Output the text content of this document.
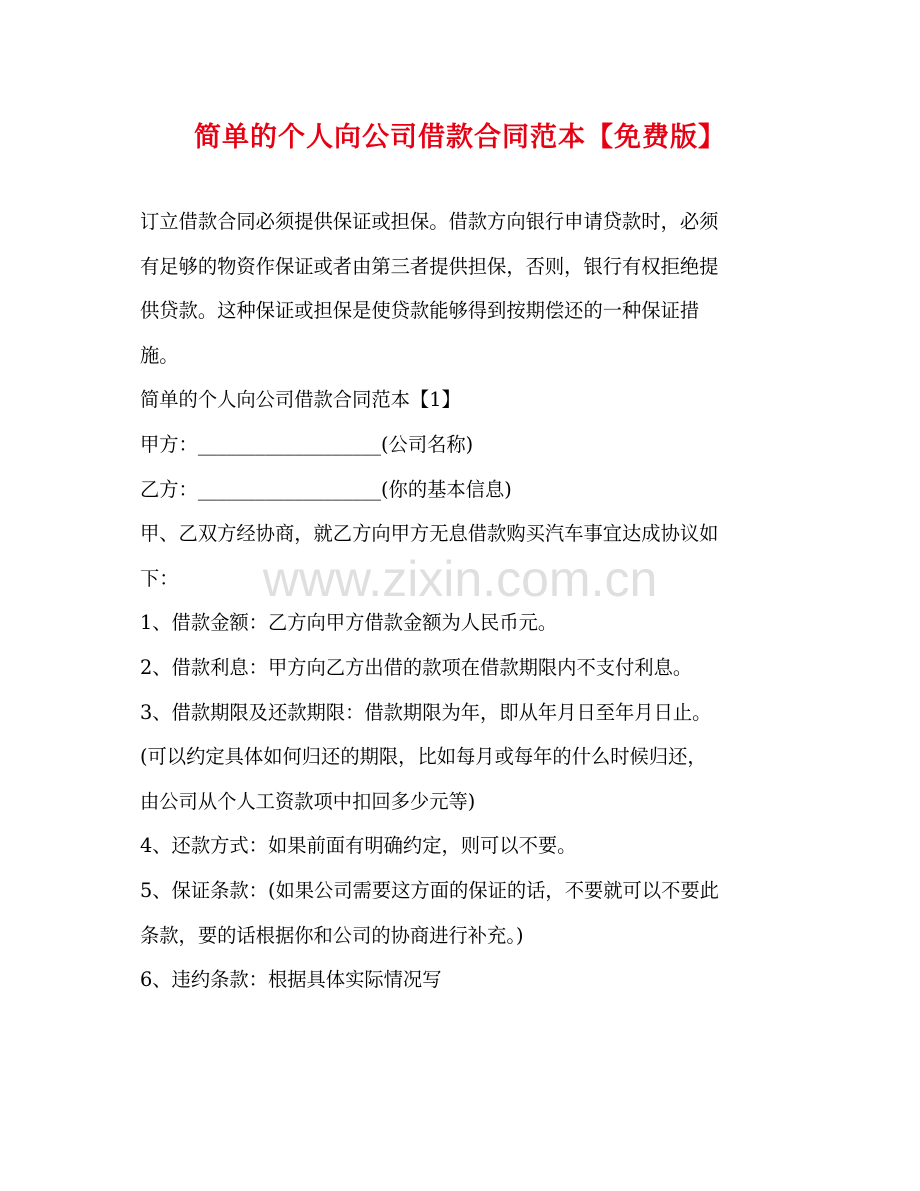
简单的个人向公司借款合同范本【免费版】

订立借款合同必须提供保证或担保。借款方向银行申请贷款时，必须

有足够的物资作保证或者由第三者提供担保，否则，银行有权拒绝提

供贷款。这种保证或担保是使贷款能够得到按期偿还的一种保证措

施。

简单的个人向公司借款合同范本【1】

甲方：___________________(公司名称)

乙方：___________________(你的基本信息)

甲、乙双方经协商，就乙方向甲方无息借款购买汽车事宜达成协议如

下：

1、借款金额：乙方向甲方借款金额为人民币元。

2、借款利息：甲方向乙方出借的款项在借款期限内不支付利息。

3、借款期限及还款期限：借款期限为年，即从年月日至年月日止。

(可以约定具体如何归还的期限，比如每月或每年的什么时候归还，

由公司从个人工资款项中扣回多少元等)

4、还款方式：如果前面有明确约定，则可以不要。

5、保证条款：(如果公司需要这方面的保证的话，不要就可以不要此

条款，要的话根据你和公司的协商进行补充。)

6、违约条款：根据具体实际情况写

www.zixin.com.cn
